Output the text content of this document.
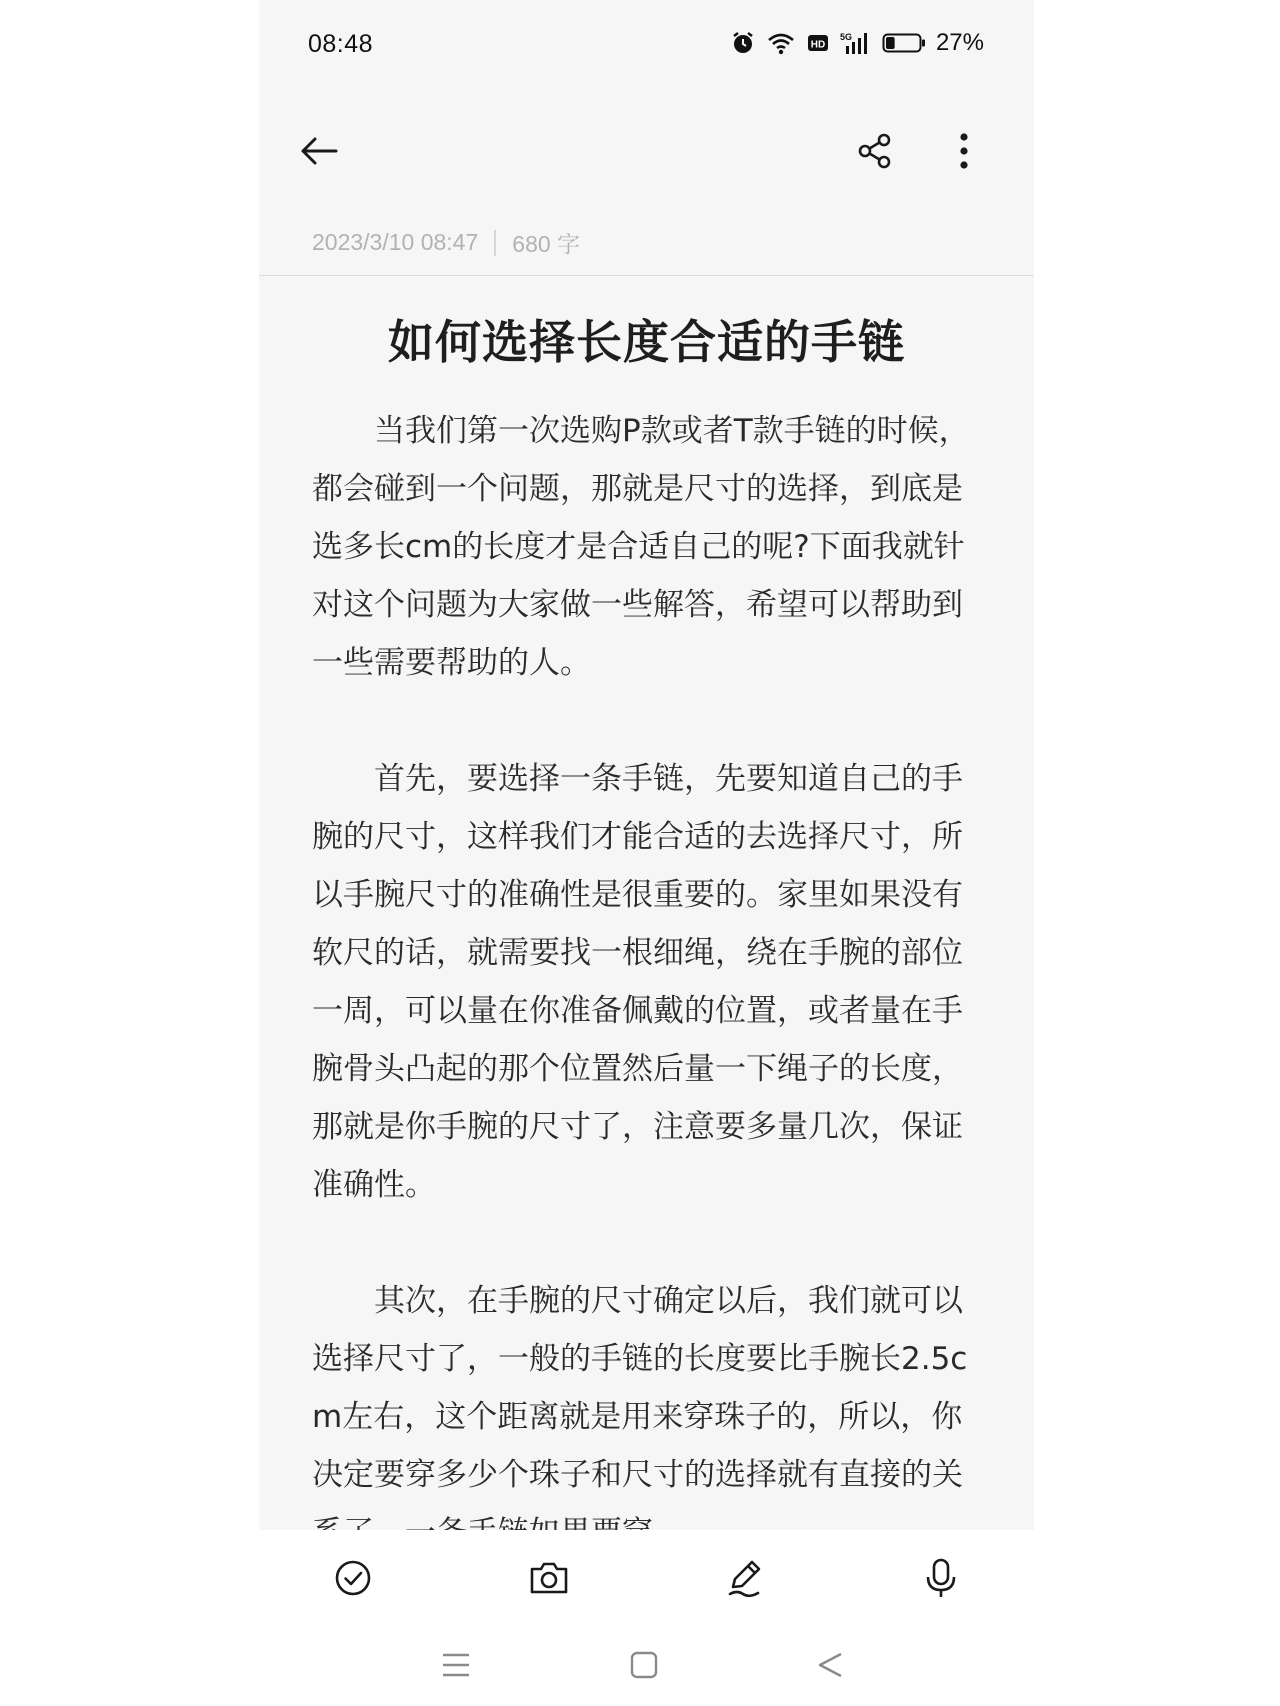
08:48	HD
5G	27%
2023/3/10 08:47 680 字
如何选择长度合适的手链

当我们第一次选购P款或者T款手链的时候，都会碰到一个问题，那就是尺寸的选择，到底是选多长cm的长度才是合适自己的呢?下面我就针对这个问题为大家做一些解答，希望可以帮助到一些需要帮助的人。

首先，要选择一条手链，先要知道自己的手腕的尺寸，这样我们才能合适的去选择尺寸，所以手腕尺寸的准确性是很重要的。家里如果没有软尺的话，就需要找一根细绳，绕在手腕的部位一周，可以量在你准备佩戴的位置，或者量在手腕骨头凸起的那个位置然后量一下绳子的长度，那就是你手腕的尺寸了，注意要多量几次，保证准确性。

其次，在手腕的尺寸确定以后，我们就可以选择尺寸了，一般的手链的长度要比手腕长2.5cm左右，这个距离就是用来穿珠子的，所以，你决定要穿多少个珠子和尺寸的选择就有直接的关
